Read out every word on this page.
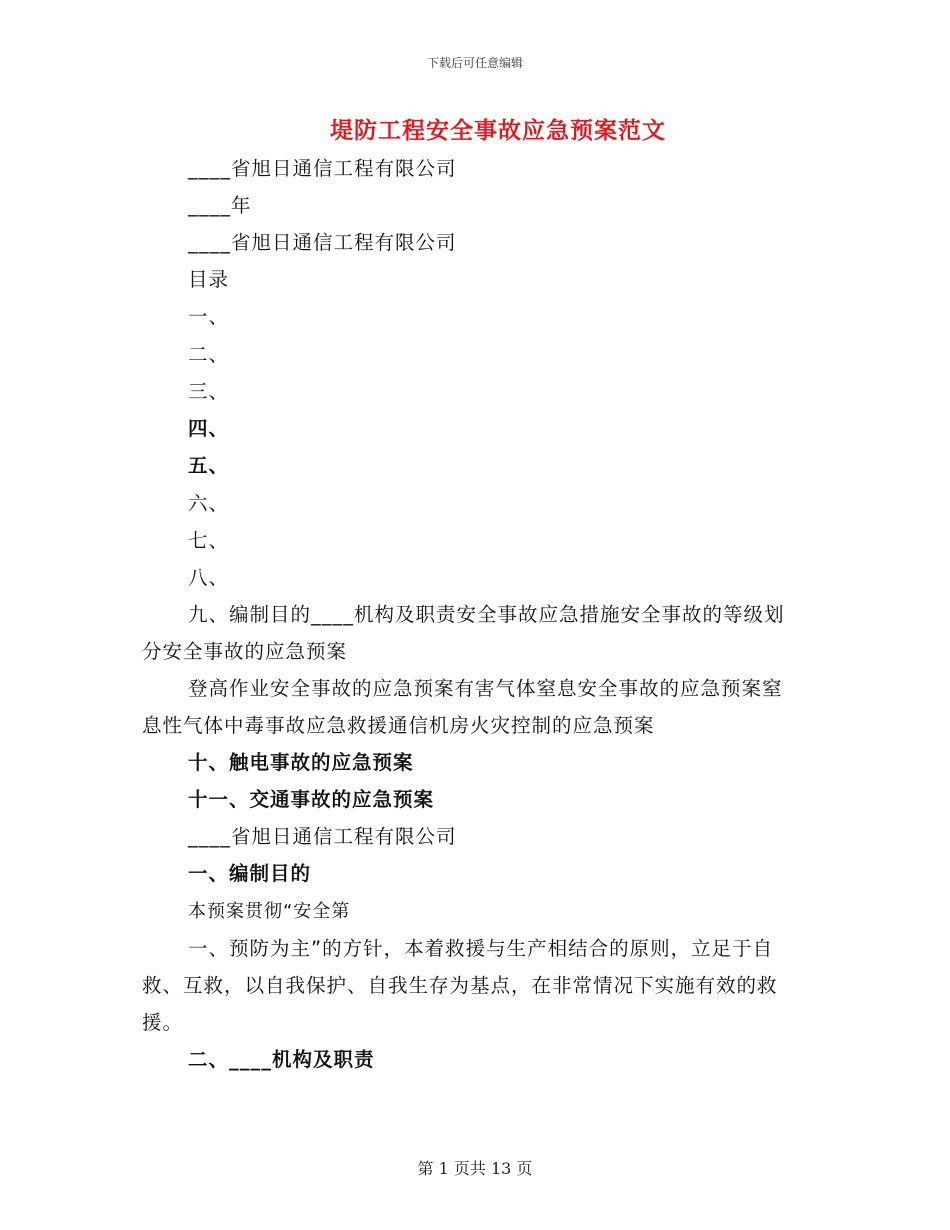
下载后可任意编辑
堤防工程安全事故应急预案范文
____省旭日通信工程有限公司
____年
____省旭日通信工程有限公司
目录
一、
二、
三、
四、
五、
六、
七、
八、

九、编制目的____机构及职责安全事故应急措施安全事故的等级划分安全事故的应急预案

登高作业安全事故的应急预案有害气体窒息安全事故的应急预案窒息性气体中毒事故应急救援通信机房火灾控制的应急预案

十、触电事故的应急预案
十一、交通事故的应急预案
____省旭日通信工程有限公司
一、编制目的
本预案贯彻“安全第

一、预防为主”的方针，本着救援与生产相结合的原则，立足于自救、互救，以自我保护、自我生存为基点，在非常情况下实施有效的救援。

二、____机构及职责
第 1 页共 13 页
